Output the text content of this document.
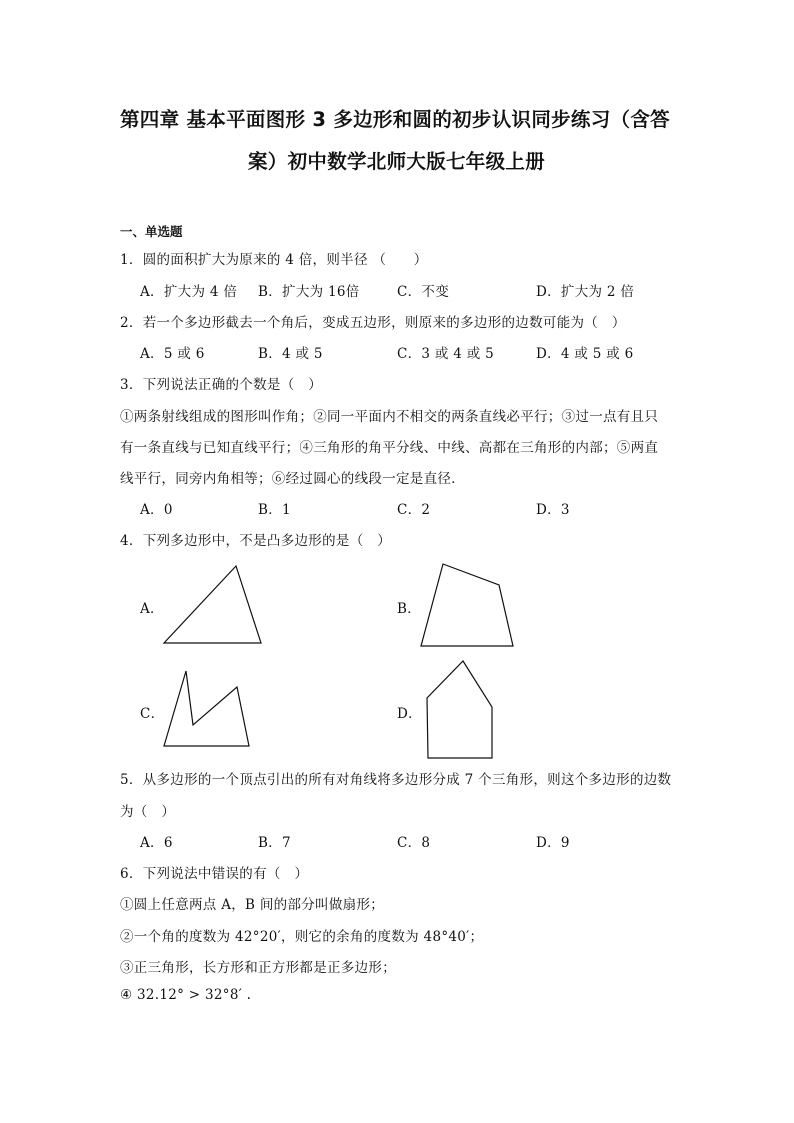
第四章 基本平面图形 3 多边形和圆的初步认识同步练习（含答
案）初中数学北师大版七年级上册
一、单选题
1．圆的面积扩大为原来的 4 倍，则半径 （　　）
A．扩大为 4 倍 B．扩大为 16倍	C．不变	D．扩大为 2 倍
2．若一个多边形截去一个角后，变成五边形，则原来的多边形的边数可能为（　）
A．5 或 6	B．4 或 5	C．3 或 4 或 5	D．4 或 5 或 6
3．下列说法正确的个数是（　）
①两条射线组成的图形叫作角；②同一平面内不相交的两条直线必平行；③过一点有且只
有一条直线与已知直线平行；④三角形的角平分线、中线、高都在三角形的内部；⑤两直
线平行，同旁内角相等；⑥经过圆心的线段一定是直径．
A．0	B．1	C．2	D．3
4．下列多边形中，不是凸多边形的是（　）
A．	B．
C．	D．
5．从多边形的一个顶点引出的所有对角线将多边形分成 7 个三角形，则这个多边形的边数
为（　）
A．6	B．7	C．8	D．9
6．下列说法中错误的有（　）
①圆上任意两点 A，B 间的部分叫做扇形；
②一个角的度数为 42°20′，则它的余角的度数为 48°40′；
③正三角形，长方形和正方形都是正多边形；
④ 32.12° > 32°8′ .
